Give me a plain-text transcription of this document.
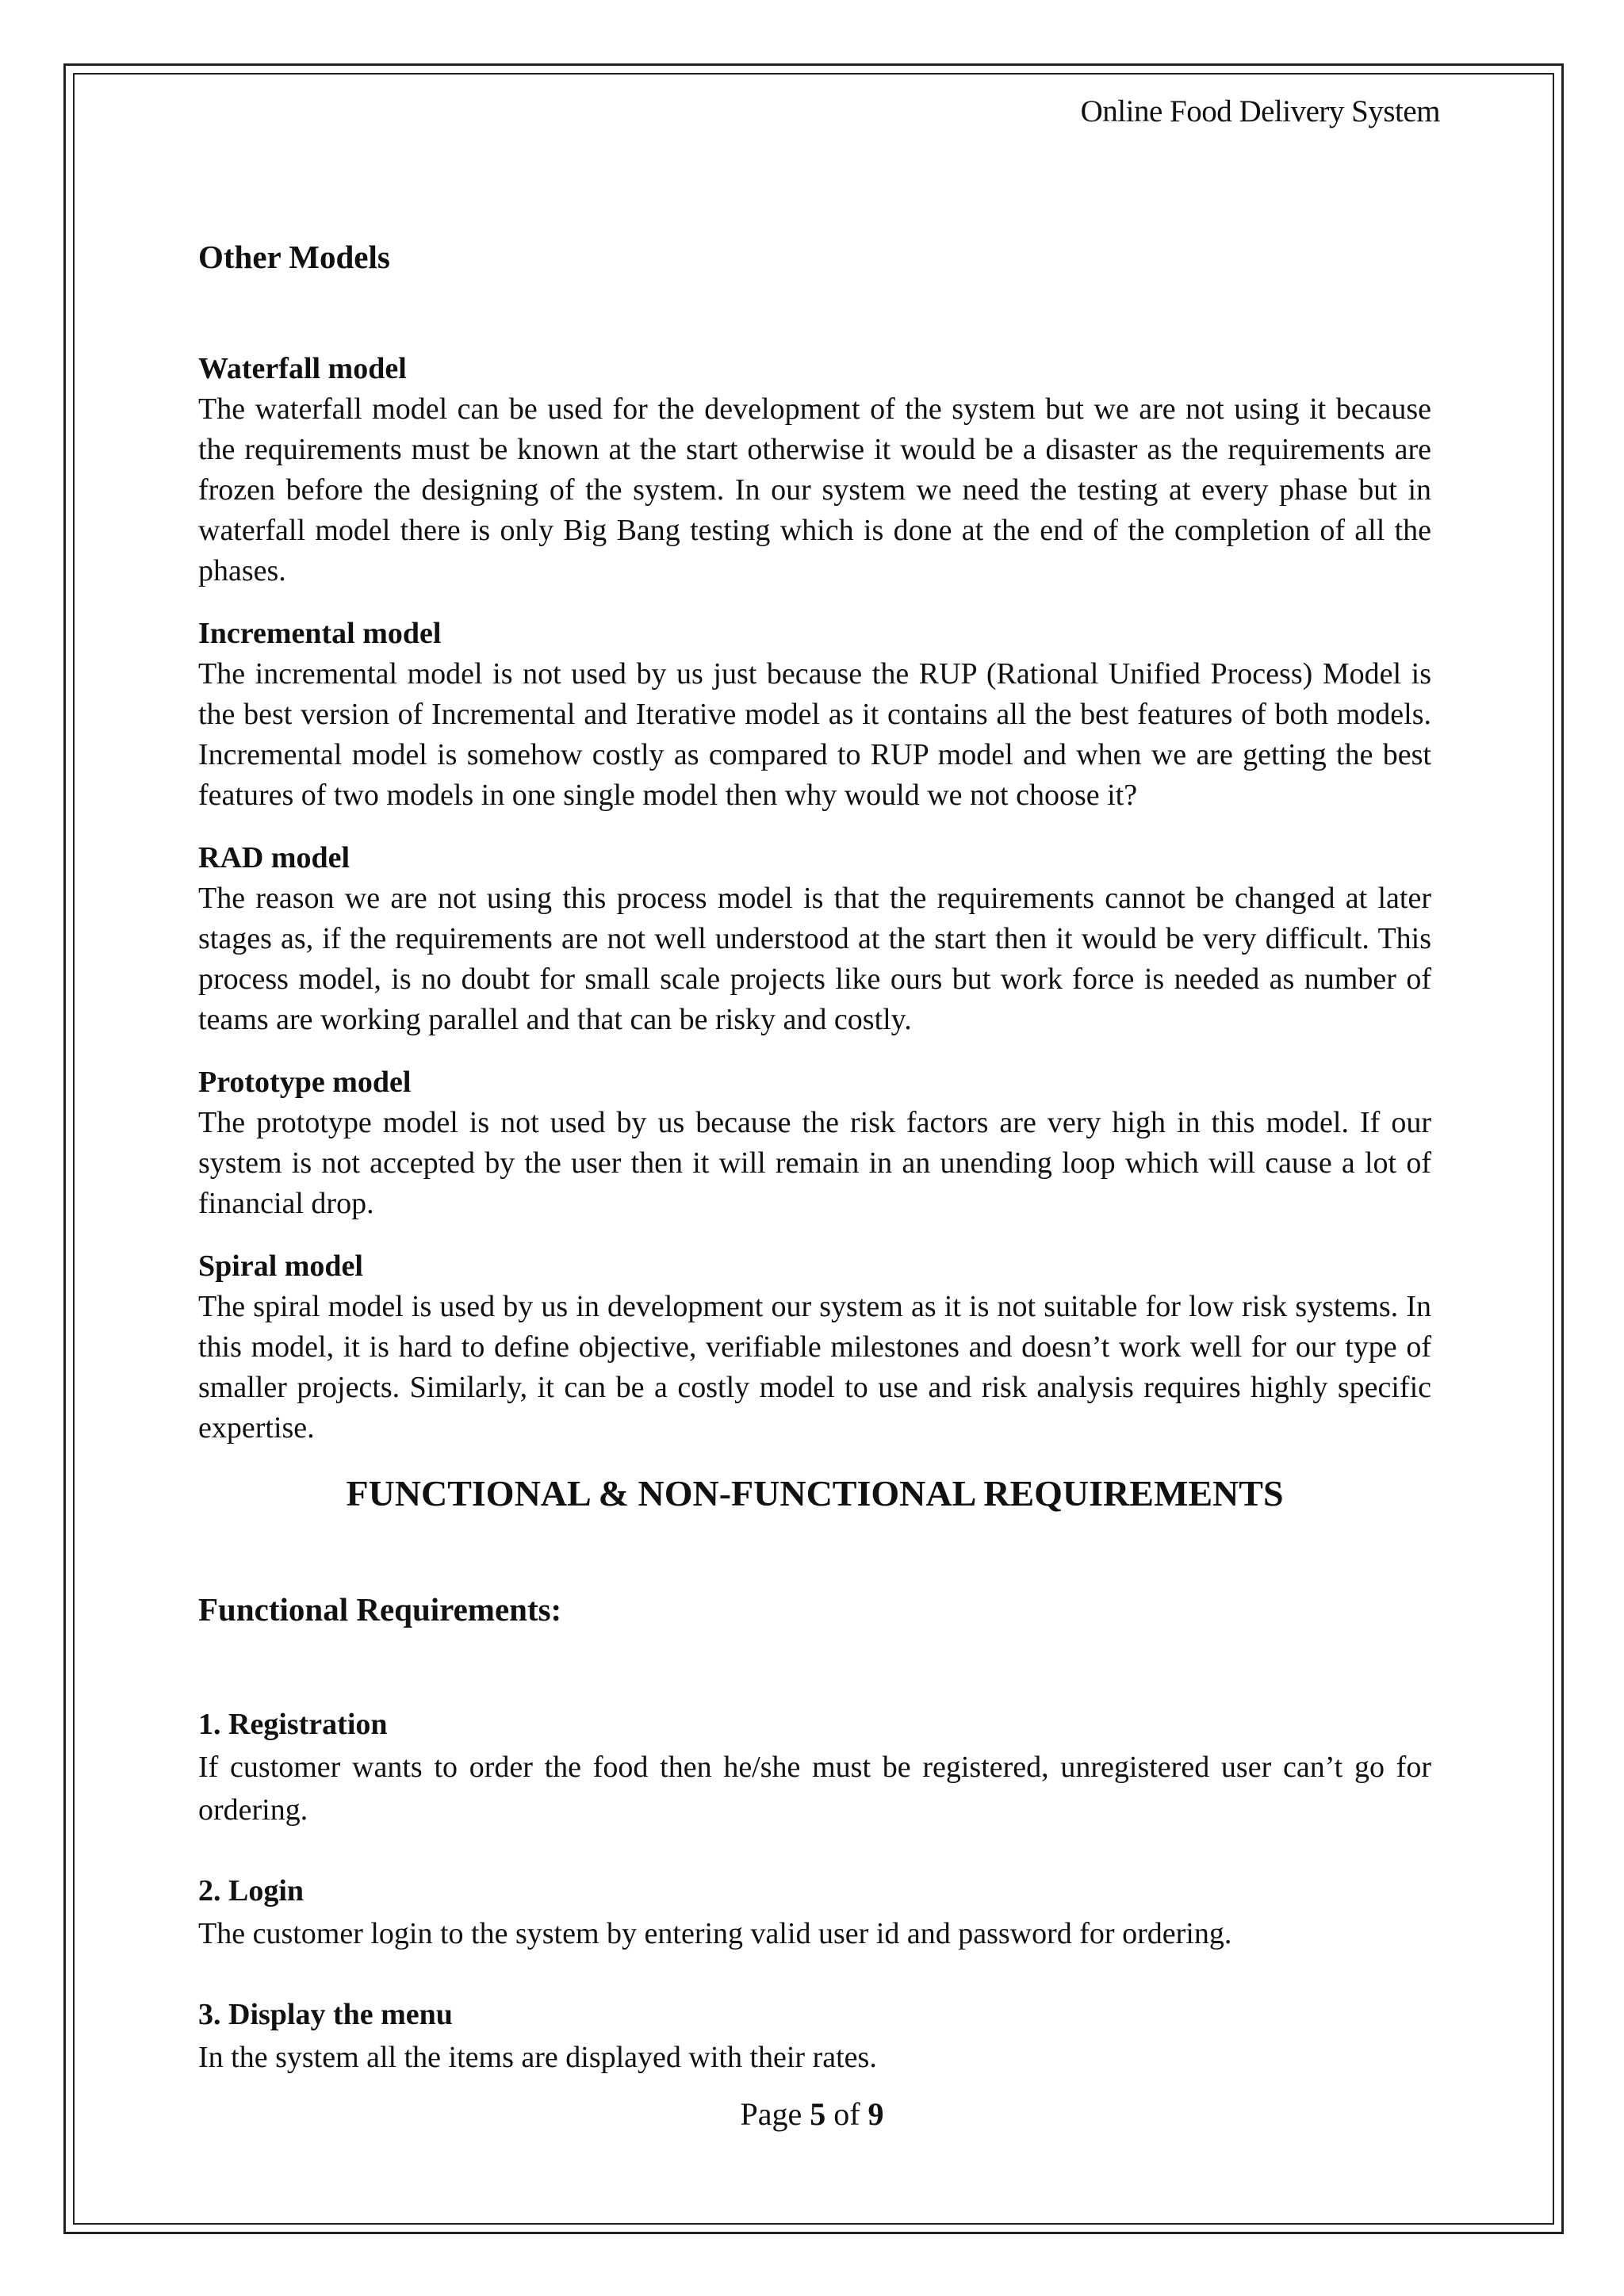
Online Food Delivery System
Other Models
Waterfall model
The waterfall model can be used for the development of the system but we are not using it because the requirements must be known at the start otherwise it would be a disaster as the requirements are frozen before the designing of the system. In our system we need the testing at every phase but in waterfall model there is only Big Bang testing which is done at the end of the completion of all the phases.
Incremental model
The incremental model is not used by us just because the RUP (Rational Unified Process) Model is the best version of Incremental and Iterative model as it contains all the best features of both models. Incremental model is somehow costly as compared to RUP model and when we are getting the best features of two models in one single model then why would we not choose it?
RAD model
The reason we are not using this process model is that the requirements cannot be changed at later stages as, if the requirements are not well understood at the start then it would be very difficult. This process model, is no doubt for small scale projects like ours but work force is needed as number of teams are working parallel and that can be risky and costly.
Prototype model
The prototype model is not used by us because the risk factors are very high in this model. If our system is not accepted by the user then it will remain in an unending loop which will cause a lot of financial drop.
Spiral model
The spiral model is used by us in development our system as it is not suitable for low risk systems. In this model, it is hard to define objective, verifiable milestones and doesn’t work well for our type of smaller projects. Similarly, it can be a costly model to use and risk analysis requires highly specific expertise.
FUNCTIONAL & NON-FUNCTIONAL REQUIREMENTS
Functional Requirements:
1. Registration
If customer wants to order the food then he/she must be registered, unregistered user can’t go for ordering.
2. Login
The customer login to the system by entering valid user id and password for ordering.
3. Display the menu
In the system all the items are displayed with their rates.
Page 5 of 9
